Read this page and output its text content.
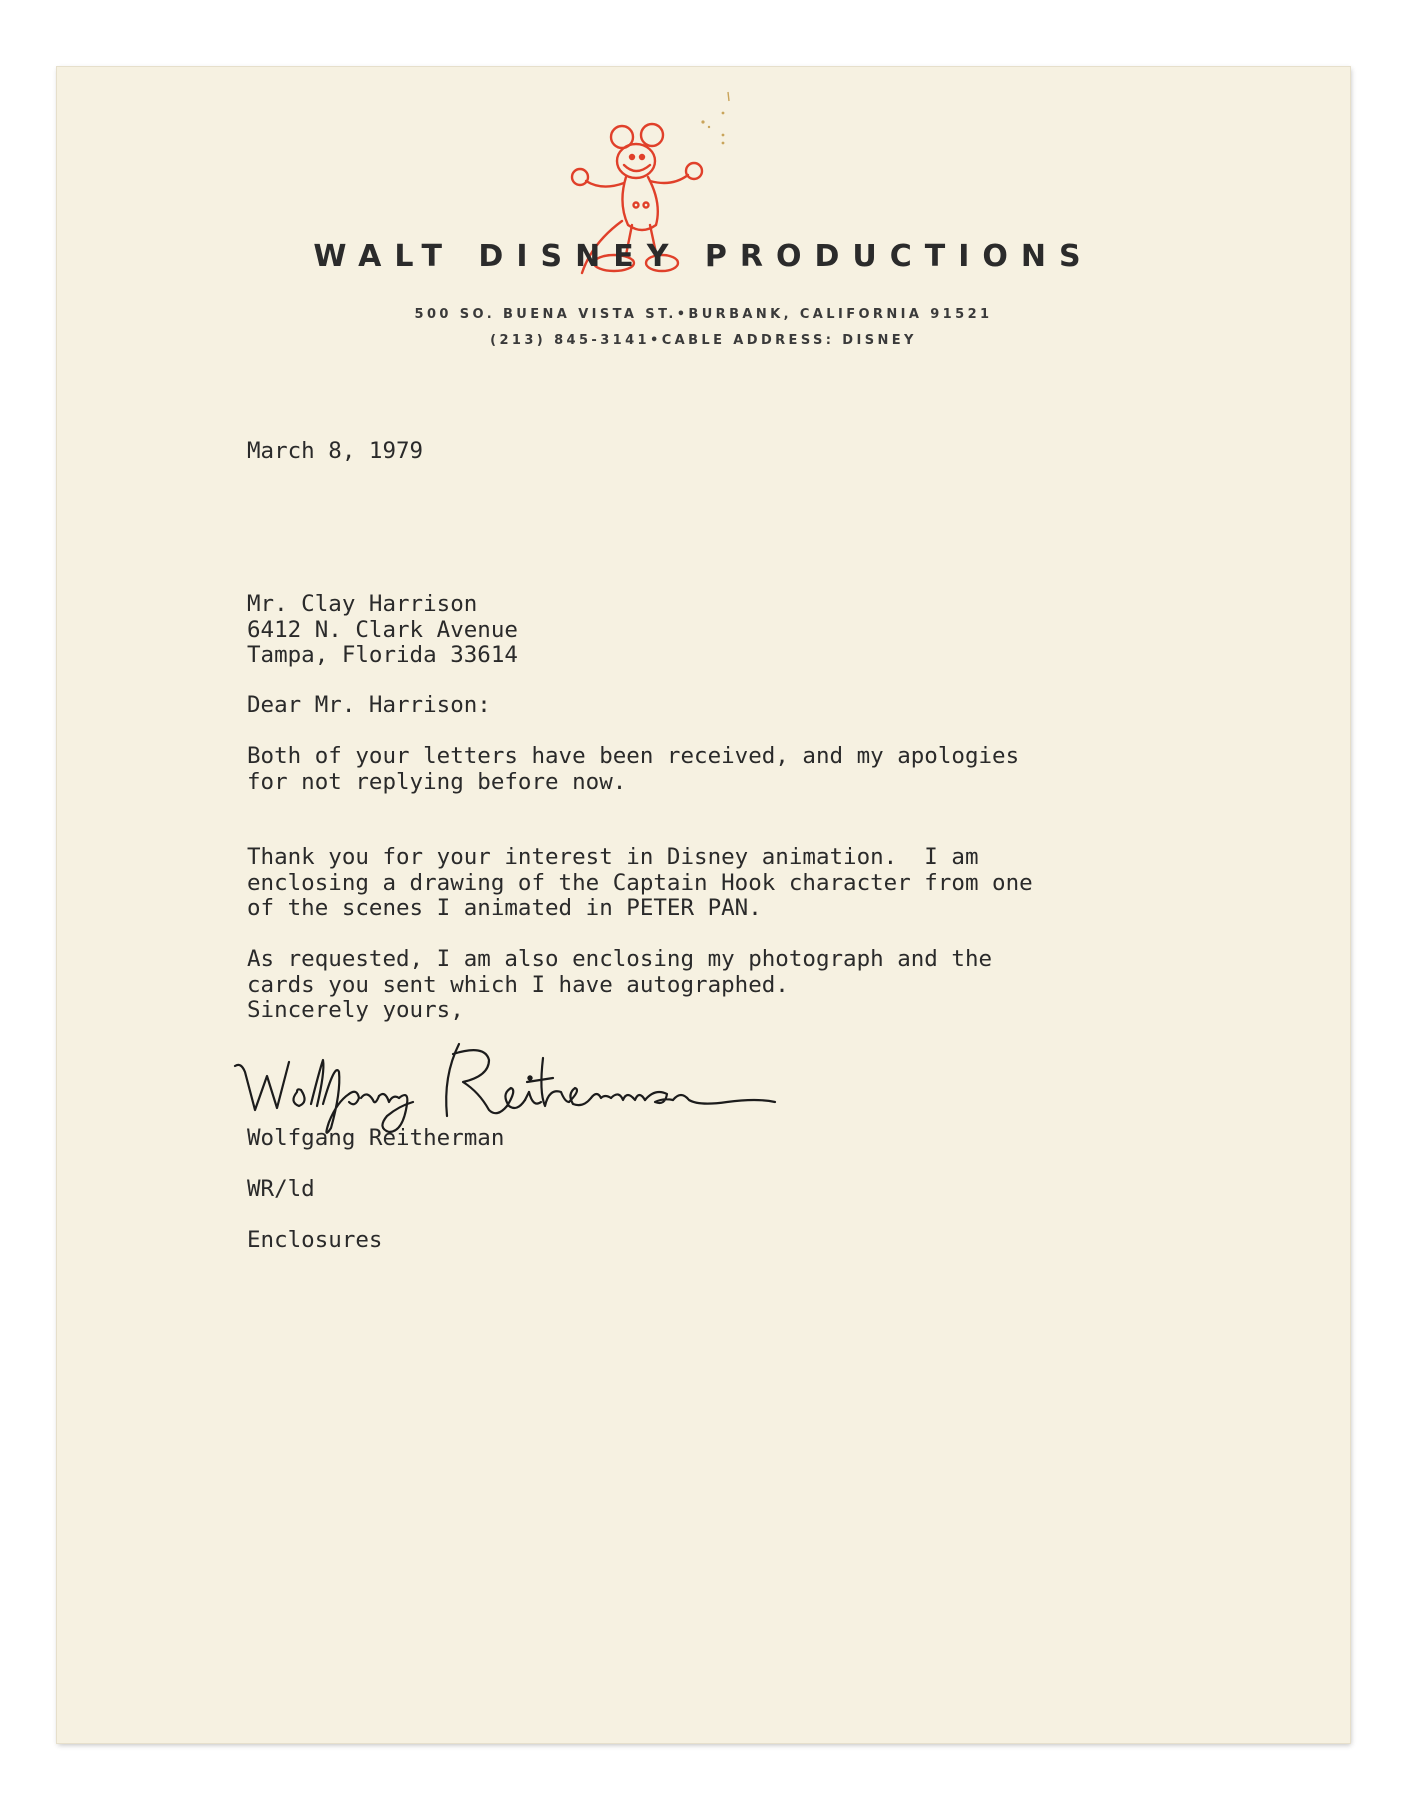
WALT DISNEY PRODUCTIONS
500 SO. BUENA VISTA ST.•BURBANK, CALIFORNIA 91521
(213) 845-3141•CABLE ADDRESS: DISNEY
March 8, 1979
Mr. Clay Harrison
6412 N. Clark Avenue
Tampa, Florida 33614
Dear Mr. Harrison:
Both of your letters have been received, and my apologies
for not replying before now.
Thank you for your interest in Disney animation.  I am
enclosing a drawing of the Captain Hook character from one
of the scenes I animated in PETER PAN.
As requested, I am also enclosing my photograph and the
cards you sent which I have autographed.
Sincerely yours,
Wolfgang Reitherman
WR/ld
Enclosures
